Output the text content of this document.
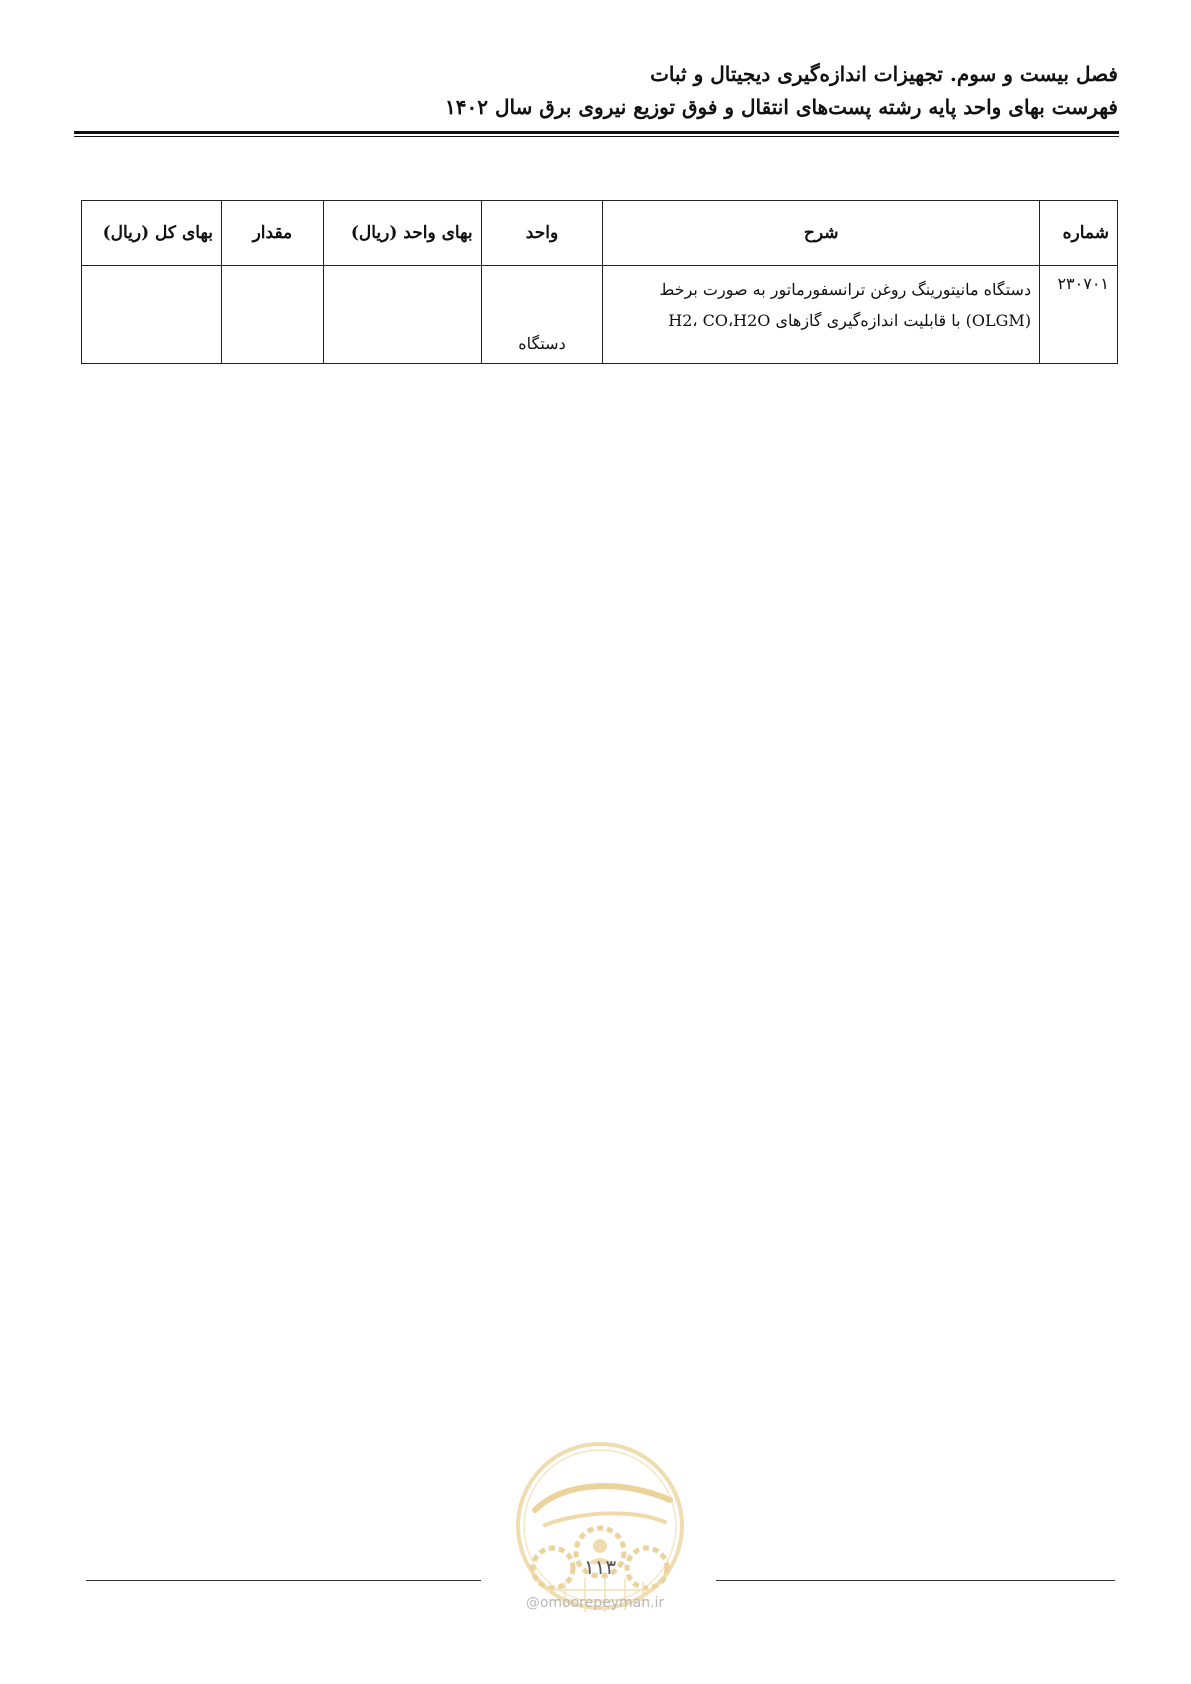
فصل بیست و سوم. تجهیزات اندازه‌گیری دیجیتال و ثبات
فهرست بهای واحد پایه رشته پست‌های انتقال و فوق توزیع نیروی برق سال ۱۴۰۲
شماره	شرح	واحد	بهای واحد (ریال)	مقدار	بهای کل (ریال)
۲۳۰۷۰۱	دستگاه مانیتورینگ روغن ترانسفورماتور به صورت برخط
(OLGM) با قابلیت اندازه‌گیری گازهای H2، CO،H2O	دستگاه			
۱۱۳
@omoorepeyman.ir
